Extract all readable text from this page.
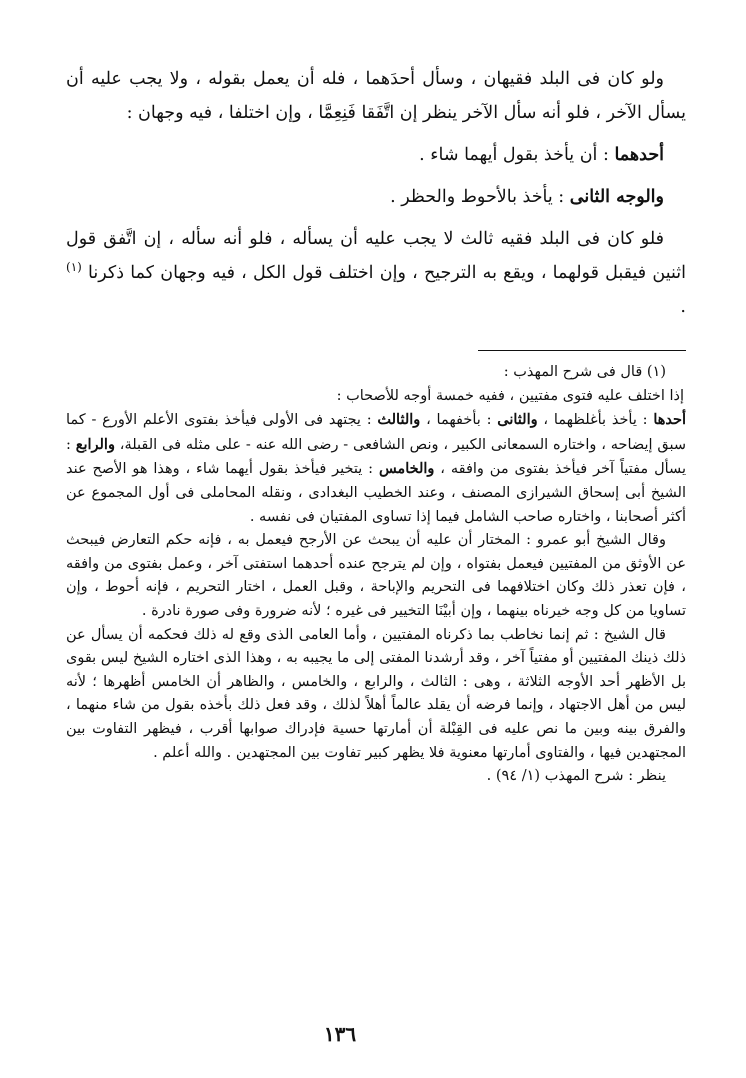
ولو كان فى البلد فقيهان ، وسأل أحدَهما ، فله أن يعمل بقوله ، ولا يجب عليه أن يسأل الآخر ، فلو أنه سأل الآخر ينظر إن اتَّفَقا فَنِعِمَّا ، وإن اختلفا ، فيه وجهان :

أحدهما : أن يأخذ بقول أيهما شاء .

والوجه الثانى : يأخذ بالأحوط والحظر .

فلو كان فى البلد فقيه ثالث لا يجب عليه أن يسأله ، فلو أنه سأله ، إن اتَّفق قول اثنين فيقبل قولهما ، ويقع به الترجيح ، وإن اختلف قول الكل ، فيه وجهان كما ذكرنا $^{(١)}$ .

(١) قال فى شرح المهذب :

إذا اختلف عليه فتوى مفتيين ، ففيه خمسة أوجه للأصحاب :

أحدها : يأخذ بأغلظهما ، والثانى : بأخفهما ، والثالث : يجتهد فى الأولى فيأخذ بفتوى الأعلم الأورع - كما سبق إيضاحه ، واختاره السمعانى الكبير ، ونص الشافعى - رضى الله عنه - على مثله فى القبلة، والرابع : يسأل مفتياً آخر فيأخذ بفتوى من وافقه ، والخامس : يتخير فيأخذ بقول أيهما شاء ، وهذا هو الأصح عند الشيخ أبى إسحاق الشيرازى المصنف ، وعند الخطيب البغدادى ، ونقله المحاملى فى أول المجموع عن أكثر أصحابنا ، واختاره صاحب الشامل فيما إذا تساوى المفتيان فى نفسه .

وقال الشيخ أبو عمرو : المختار أن عليه أن يبحث عن الأرجح فيعمل به ، فإنه حكم التعارض فيبحث عن الأوثق من المفتيين فيعمل بفتواه ، وإن لم يترجح عنده أحدهما استفتى آخر ، وعمل بفتوى من وافقه ، فإن تعذر ذلك وكان اختلافهما فى التحريم والإباحة ، وقبل العمل ، اختار التحريم ، فإنه أحوط ، وإن تساويا من كل وجه خيرناه بينهما ، وإن أبيْنَا التخيير فى غيره ؛ لأنه ضرورة وفى صورة نادرة .

قال الشيخ : ثم إنما نخاطب بما ذكرناه المفتيين ، وأما العامى الذى وقع له ذلك فحكمه أن يسأل عن ذلك ذينك المفتيين أو مفتياً آخر ، وقد أرشدنا المفتى إلى ما يجيبه به ، وهذا الذى اختاره الشيخ ليس بقوى بل الأظهر أحد الأوجه الثلاثة ، وهى : الثالث ، والرابع ، والخامس ، والظاهر أن الخامس أظهرها ؛ لأنه ليس من أهل الاجتهاد ، وإنما فرضه أن يقلد عالماً أهلاً لذلك ، وقد فعل ذلك بأخذه بقول من شاء منهما ، والفرق بينه وبين ما نص عليه فى القِبْلة أن أمارتها حسية فإدراك صوابها أقرب ، فيظهر التفاوت بين المجتهدين فيها ، والفتاوى أمارتها معنوية فلا يظهر كبير تفاوت بين المجتهدين . والله أعلم .

ينظر : شرح المهذب (١/ ٩٤) .

١٣٦
